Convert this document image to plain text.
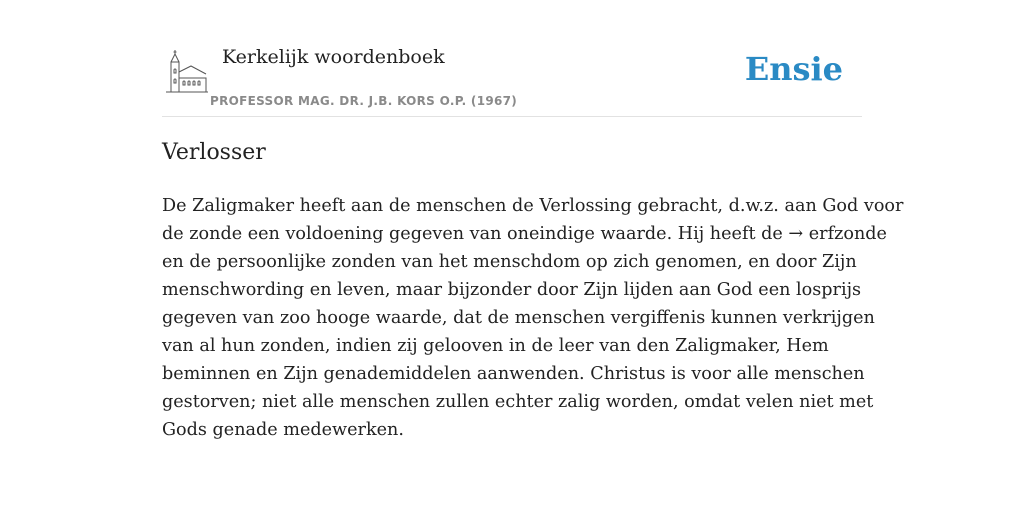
Kerkelijk woordenboek
PROFESSOR MAG. DR. J.B. KORS O.P. (1967)
Ensie
Verlosser

De Zaligmaker heeft aan de menschen de Verlossing gebracht, d.w.z. aan God voor
de zonde een voldoening gegeven van oneindige waarde. Hij heeft de → erfzonde
en de persoonlijke zonden van het menschdom op zich genomen, en door Zijn
menschwording en leven, maar bijzonder door Zijn lijden aan God een losprijs
gegeven van zoo hooge waarde, dat de menschen vergiffenis kunnen verkrijgen
van al hun zonden, indien zij gelooven in de leer van den Zaligmaker, Hem
beminnen en Zijn genademiddelen aanwenden. Christus is voor alle menschen
gestorven; niet alle menschen zullen echter zalig worden, omdat velen niet met
Gods genade medewerken.
